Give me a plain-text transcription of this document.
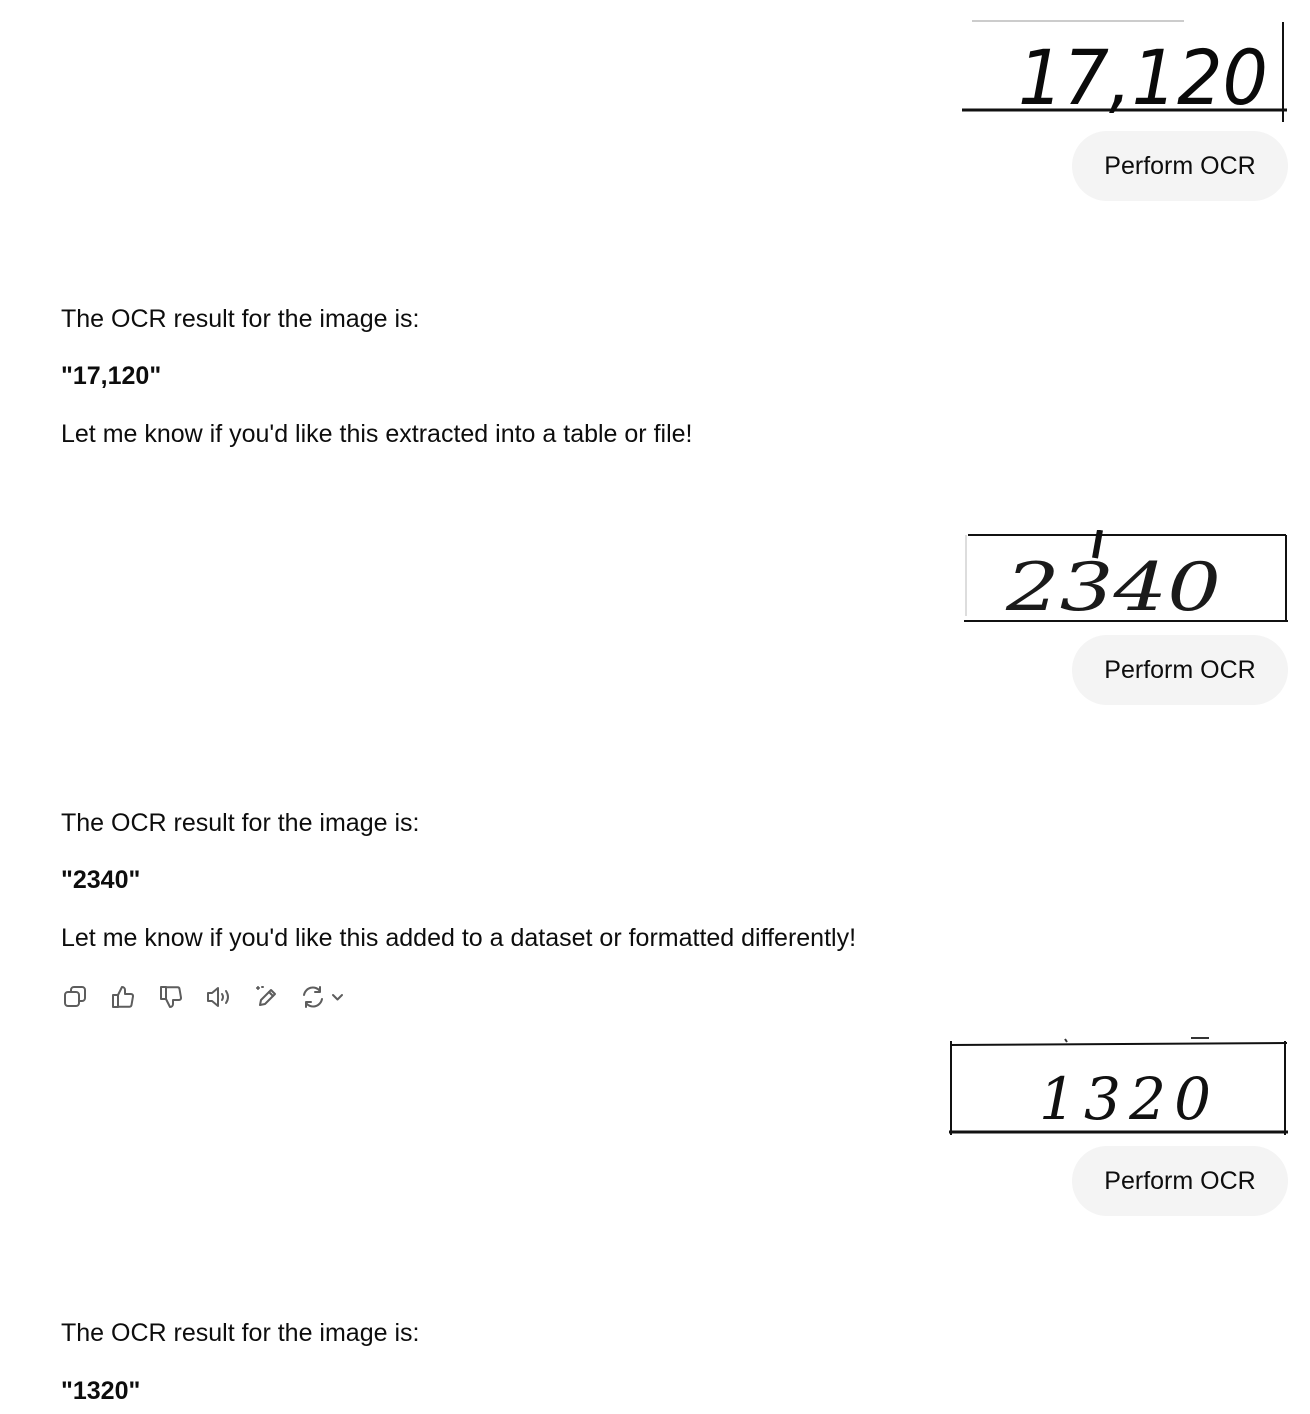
17,120
Perform OCR
The OCR result for the image is:
"17,120"
Let me know if you'd like this extracted into a table or file!
2340
Perform OCR
The OCR result for the image is:
"2340"
Let me know if you'd like this added to a dataset or formatted differently!
1320
Perform OCR
The OCR result for the image is:
"1320"
